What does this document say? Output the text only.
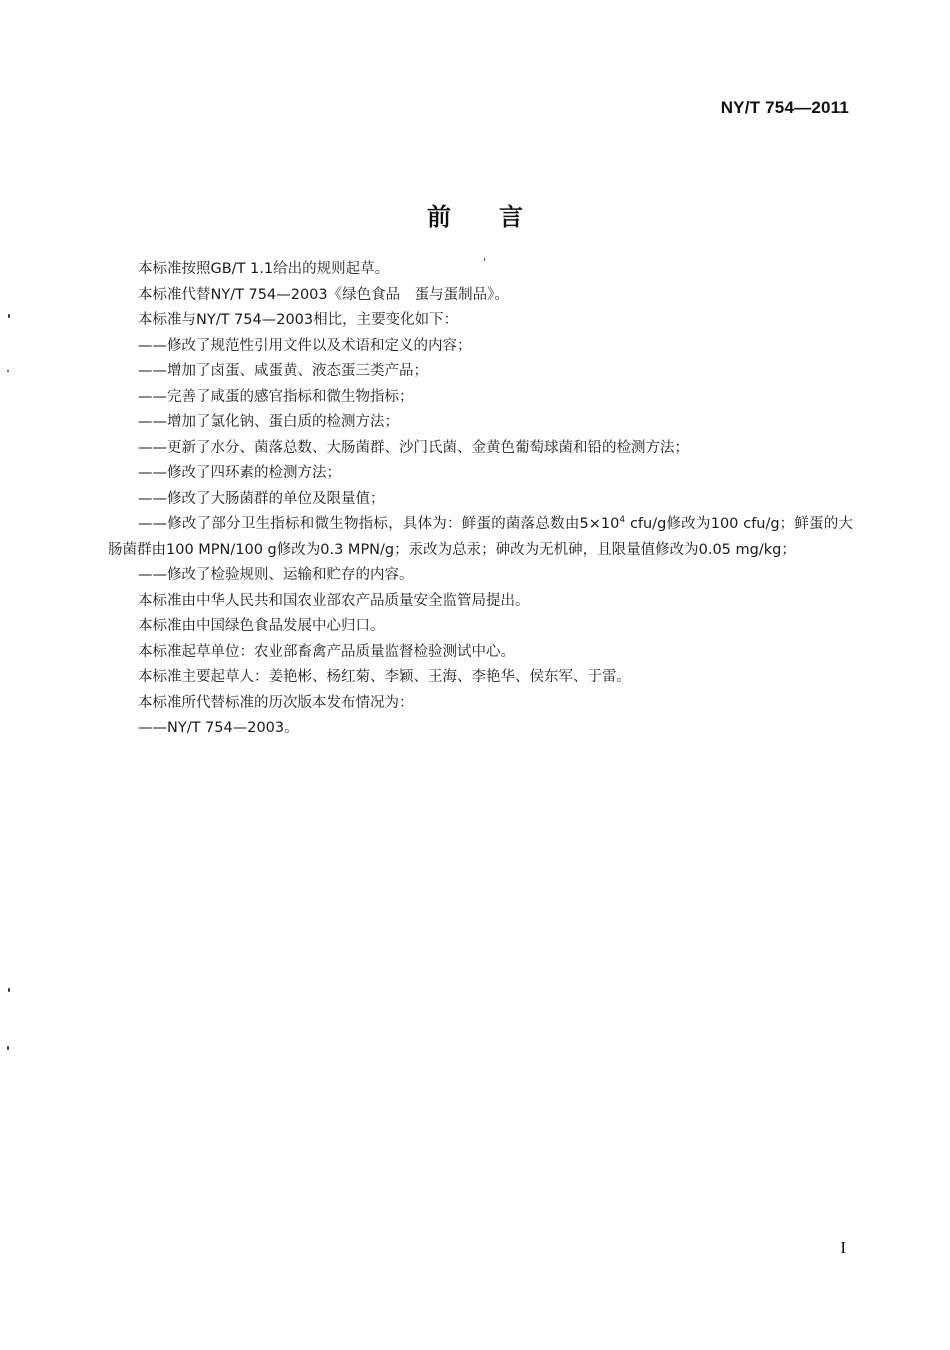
NY/T 754—2011
前 言

本标准按照GB/T 1.1给出的规则起草。

本标准代替NY/T 754—2003《绿色食品　蛋与蛋制品》。

本标准与NY/T 754—2003相比，主要变化如下：

——修改了规范性引用文件以及术语和定义的内容；

——增加了卤蛋、咸蛋黄、液态蛋三类产品；

——完善了咸蛋的感官指标和微生物指标；

——增加了氯化钠、蛋白质的检测方法；

——更新了水分、菌落总数、大肠菌群、沙门氏菌、金黄色葡萄球菌和铅的检测方法；

——修改了四环素的检测方法；

——修改了大肠菌群的单位及限量值；

——修改了部分卫生指标和微生物指标，具体为：鲜蛋的菌落总数由$5\times 10^4$ cfu/g修改为100 cfu/g；鲜蛋的大肠菌群由100 MPN/100 g修改为0.3 MPN/g；汞改为总汞；砷改为无机砷，且限量值修改为0.05 mg/kg；

——修改了检验规则、运输和贮存的内容。

本标准由中华人民共和国农业部农产品质量安全监管局提出。

本标准由中国绿色食品发展中心归口。

本标准起草单位：农业部畜禽产品质量监督检验测试中心。

本标准主要起草人：姜艳彬、杨红菊、李颖、王海、李艳华、侯东军、于雷。

本标准所代替标准的历次版本发布情况为：

——NY/T 754—2003。

I
